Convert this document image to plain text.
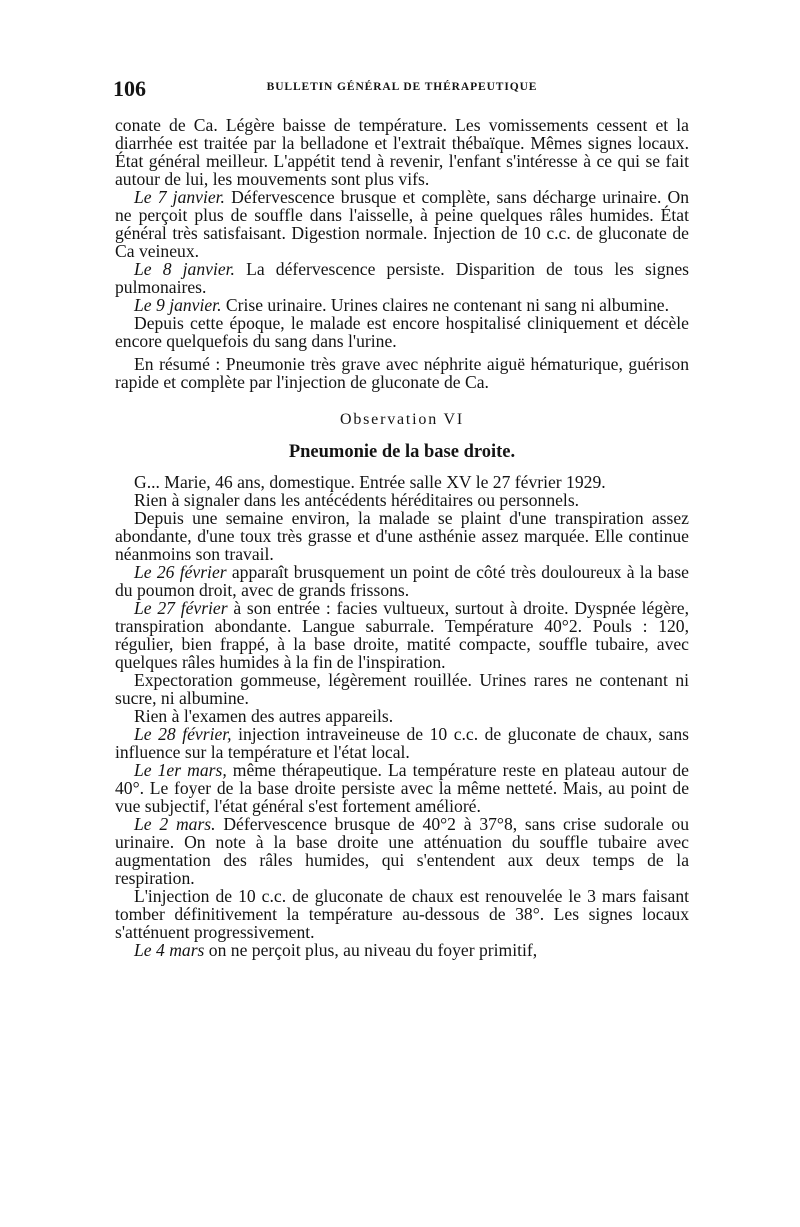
106	BULLETIN GÉNÉRAL DE THÉRAPEUTIQUE

conate de Ca. Légère baisse de température. Les vomissements cessent et la diarrhée est traitée par la belladone et l'extrait thébaïque. Mêmes signes locaux. État général meilleur. L'appétit tend à revenir, l'enfant s'intéresse à ce qui se fait autour de lui, les mouvements sont plus vifs.

Le 7 janvier. Défervescence brusque et complète, sans décharge urinaire. On ne perçoit plus de souffle dans l'aisselle, à peine quelques râles humides. État général très satisfaisant. Digestion normale. Injection de 10 c.c. de gluconate de Ca veineux.

Le 8 janvier. La défervescence persiste. Disparition de tous les signes pulmonaires.

Le 9 janvier. Crise urinaire. Urines claires ne contenant ni sang ni albumine.

Depuis cette époque, le malade est encore hospitalisé cliniquement et décèle encore quelquefois du sang dans l'urine.

En résumé : Pneumonie très grave avec néphrite aiguë hématurique, guérison rapide et complète par l'injection de gluconate de Ca.

Observation VI
Pneumonie de la base droite.

G... Marie, 46 ans, domestique. Entrée salle XV le 27 février 1929.

Rien à signaler dans les antécédents héréditaires ou personnels.

Depuis une semaine environ, la malade se plaint d'une transpiration assez abondante, d'une toux très grasse et d'une asthénie assez marquée. Elle continue néanmoins son travail.

Le 26 février apparaît brusquement un point de côté très douloureux à la base du poumon droit, avec de grands frissons.

Le 27 février à son entrée : facies vultueux, surtout à droite. Dyspnée légère, transpiration abondante. Langue saburrale. Température 40°2. Pouls : 120, régulier, bien frappé, à la base droite, matité compacte, souffle tubaire, avec quelques râles humides à la fin de l'inspiration.

Expectoration gommeuse, légèrement rouillée. Urines rares ne contenant ni sucre, ni albumine.

Rien à l'examen des autres appareils.

Le 28 février, injection intraveineuse de 10 c.c. de gluconate de chaux, sans influence sur la température et l'état local.

Le 1er mars, même thérapeutique. La température reste en plateau autour de 40°. Le foyer de la base droite persiste avec la même netteté. Mais, au point de vue subjectif, l'état général s'est fortement amélioré.

Le 2 mars. Défervescence brusque de 40°2 à 37°8, sans crise sudorale ou urinaire. On note à la base droite une atténuation du souffle tubaire avec augmentation des râles humides, qui s'entendent aux deux temps de la respiration.

L'injection de 10 c.c. de gluconate de chaux est renouvelée le 3 mars faisant tomber définitivement la température au-dessous de 38°. Les signes locaux s'atténuent progressivement.

Le 4 mars on ne perçoit plus, au niveau du foyer primitif,
